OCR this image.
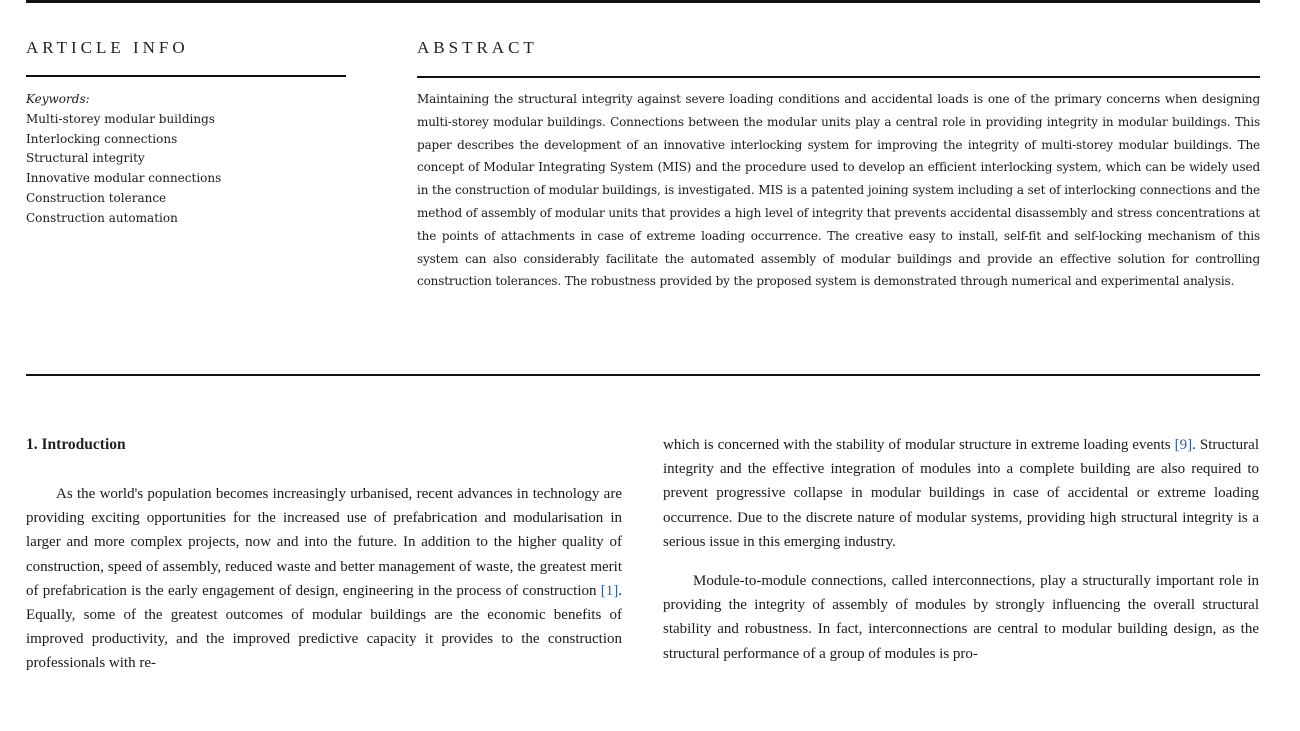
ARTICLE INFO
Keywords:
Multi-storey modular buildings
Interlocking connections
Structural integrity
Innovative modular connections
Construction tolerance
Construction automation
ABSTRACT
Maintaining the structural integrity against severe loading conditions and accidental loads is one of the primary concerns when designing multi-storey modular buildings. Connections between the modular units play a central role in providing integrity in modular buildings. This paper describes the development of an innovative interlocking system for improving the integrity of multi-storey modular buildings. The concept of Modular Integrating System (MIS) and the procedure used to develop an efficient interlocking system, which can be widely used in the construction of modular buildings, is investigated. MIS is a patented joining system including a set of interlocking connections and the method of assembly of modular units that provides a high level of integrity that prevents accidental disassembly and stress concentrations at the points of attachments in case of extreme loading occurrence. The creative easy to install, self-fit and self-locking mechanism of this system can also considerably facilitate the automated assembly of modular buildings and provide an effective solution for controlling construction tolerances. The robustness provided by the proposed system is demonstrated through numerical and experimental analysis.
1. Introduction

As the world's population becomes increasingly urbanised, recent advances in technology are providing exciting opportunities for the increased use of prefabrication and modularisation in larger and more complex projects, now and into the future. In addition to the higher quality of construction, speed of assembly, reduced waste and better management of waste, the greatest merit of prefabrication is the early engagement of design, engineering in the process of construction [1]. Equally, some of the greatest outcomes of modular buildings are the economic benefits of improved productivity, and the improved predictive capacity it provides to the construction professionals with re-

which is concerned with the stability of modular structure in extreme loading events [9]. Structural integrity and the effective integration of modules into a complete building are also required to prevent progressive collapse in modular buildings in case of accidental or extreme loading occurrence. Due to the discrete nature of modular systems, providing high structural integrity is a serious issue in this emerging industry.

Module-to-module connections, called interconnections, play a structurally important role in providing the integrity of assembly of modules by strongly influencing the overall structural stability and robustness. In fact, interconnections are central to modular building design, as the structural performance of a group of modules is pro-
